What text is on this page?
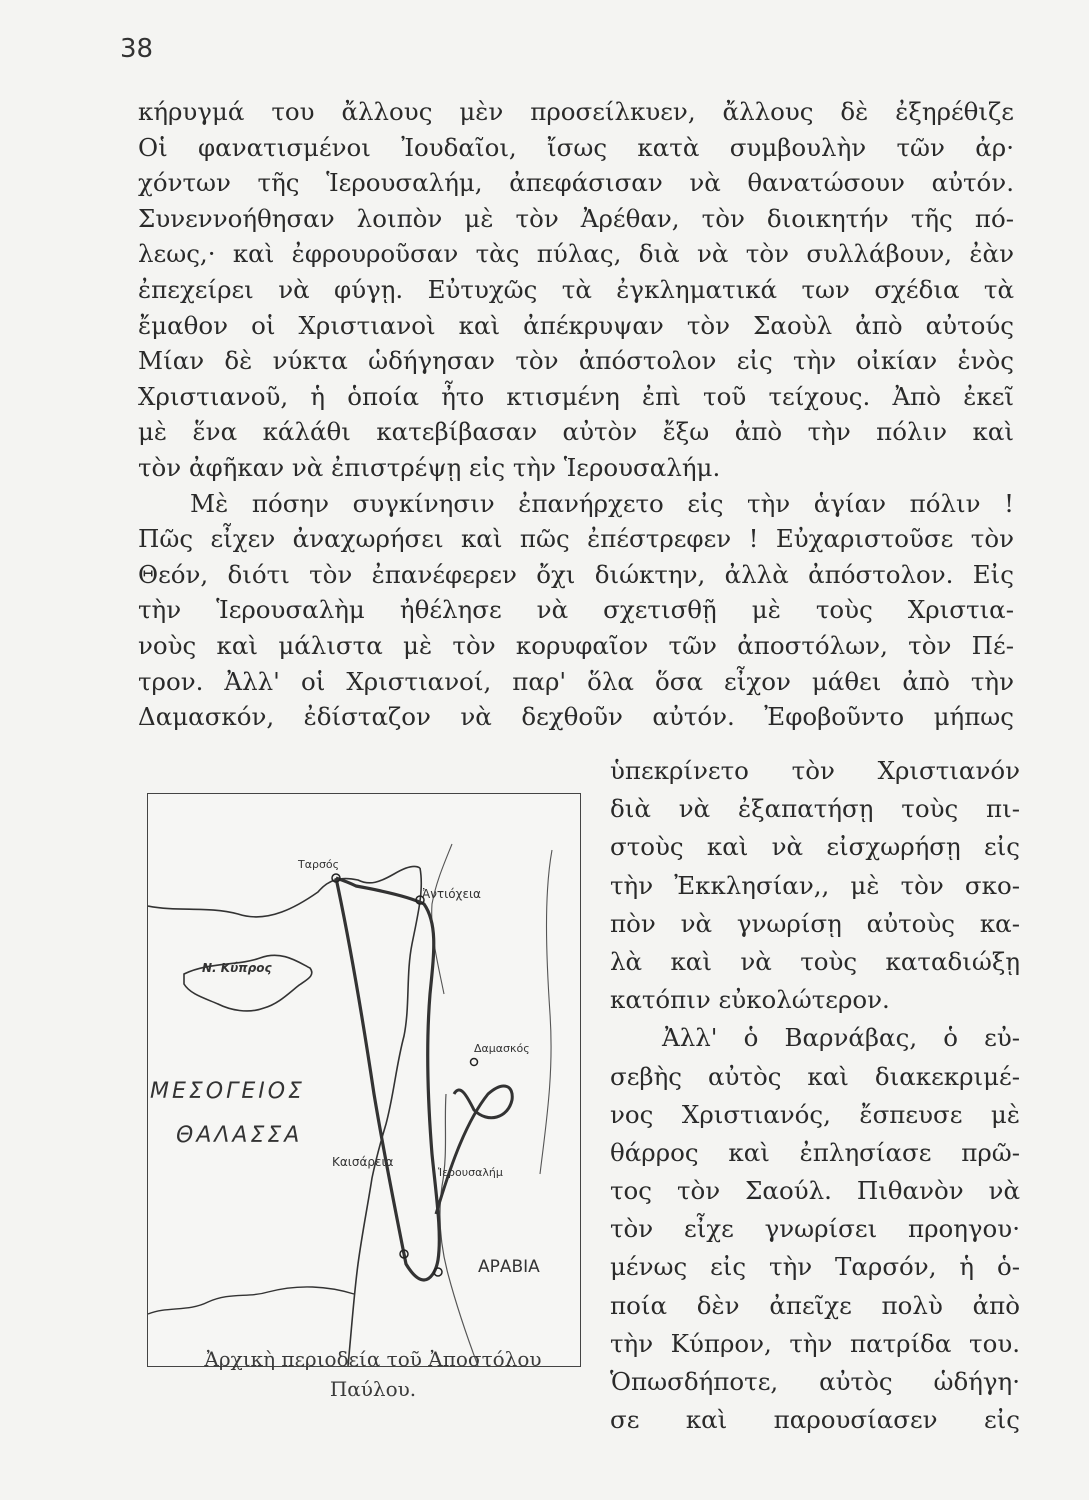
38
κήρυγμά του ἄλλους μὲν προσείλκυεν, ἄλλους δὲ ἐξηρέθιζε
Οἱ φανατισμένοι Ἰουδαῖοι, ἴσως κατὰ συμβουλὴν τῶν ἀρ·
χόντων τῆς Ἱερουσαλήμ, ἀπεφάσισαν νὰ θανατώσουν αὐτόν.
Συνεννοήθησαν λοιπὸν μὲ τὸν Ἀρέθαν, τὸν διοικητήν τῆς πό-
λεως,· καὶ ἐφρουροῦσαν τὰς πύλας, διὰ νὰ τὸν συλλάβουν, ἐὰν
ἐπεχείρει νὰ φύγῃ. Εὐτυχῶς τὰ ἐγκληματικά των σχέδια τὰ
ἔμαθον οἱ Χριστιανοὶ καὶ ἀπέκρυψαν τὸν Σαοὺλ ἀπὸ αὐτούς
Μίαν δὲ νύκτα ὡδήγησαν τὸν ἀπόστολον εἰς τὴν οἰκίαν ἑνὸς
Χριστιανοῦ, ἡ ὁποία ἦτο κτισμένη ἐπὶ τοῦ τείχους. Ἀπὸ ἐκεῖ
μὲ ἕνα κάλάθι κατεβίβασαν αὐτὸν ἔξω ἀπὸ τὴν πόλιν καὶ
τὸν ἀφῆκαν νὰ ἐπιστρέψῃ εἰς τὴν Ἱερουσαλήμ.
Μὲ πόσην συγκίνησιν ἐπανήρχετο εἰς τὴν ἁγίαν πόλιν !
Πῶς εἶχεν ἀναχωρήσει καὶ πῶς ἐπέστρεφεν ! Εὐχαριστοῦσε τὸν
Θεόν, διότι τὸν ἐπανέφερεν ὄχι διώκτην, ἀλλὰ ἀπόστολον. Εἰς
τὴν Ἱερουσαλὴμ ἠθέλησε νὰ σχετισθῇ μὲ τοὺς Χριστια-
νοὺς καὶ μάλιστα μὲ τὸν κορυφαῖον τῶν ἀποστόλων, τὸν Πέ-
τρον. Ἀλλ' οἱ Χριστιανοί, παρ' ὅλα ὅσα εἶχον μάθει ἀπὸ τὴν
Δαμασκόν, ἐδίσταζον νὰ δεχθοῦν αὐτόν. Ἐφοβοῦντο μήπως
ὑπεκρίνετο τὸν Χριστιανόν
διὰ νὰ ἐξαπατήσῃ τοὺς πι-
στοὺς καὶ νὰ εἰσχωρήσῃ εἰς
τὴν Ἐκκλησίαν,, μὲ τὸν σκο-
πὸν νὰ γνωρίσῃ αὐτοὺς κα-
λὰ καὶ νὰ τοὺς καταδιώξῃ
κατόπιν εὐκολώτερον.
Ἀλλ' ὁ Βαρνάβας, ὁ εὐ-
σεβὴς αὐτὸς καὶ διακεκριμέ-
νος Χριστιανός, ἔσπευσε μὲ
θάρρος καὶ ἐπλησίασε πρῶ-
τος τὸν Σαούλ. Πιθανὸν νὰ
τὸν εἶχε γνωρίσει προηγου·
μένως εἰς τὴν Ταρσόν, ἡ ὁ-
ποία δὲν ἀπεῖχε πολὺ ἀπὸ
τὴν Κύπρον, τὴν πατρίδα του.
Ὁπωσδήποτε, αὐτὸς ὡδήγη·
σε καὶ παρουσίασεν εἰς
Ταρσός
Ἀντιόχεια
Ν. Κύπρος
Δαμασκός
ΜΕΣΟΓΕΙΟΣ
ΘΑΛΑΣΣΑ
Καισάρεια
Ἱερουσαλήμ
ΑΡΑΒΙΑ
Ἀρχικὴ περιοδεία τοῦ Ἀποστόλου
Παύλου.
